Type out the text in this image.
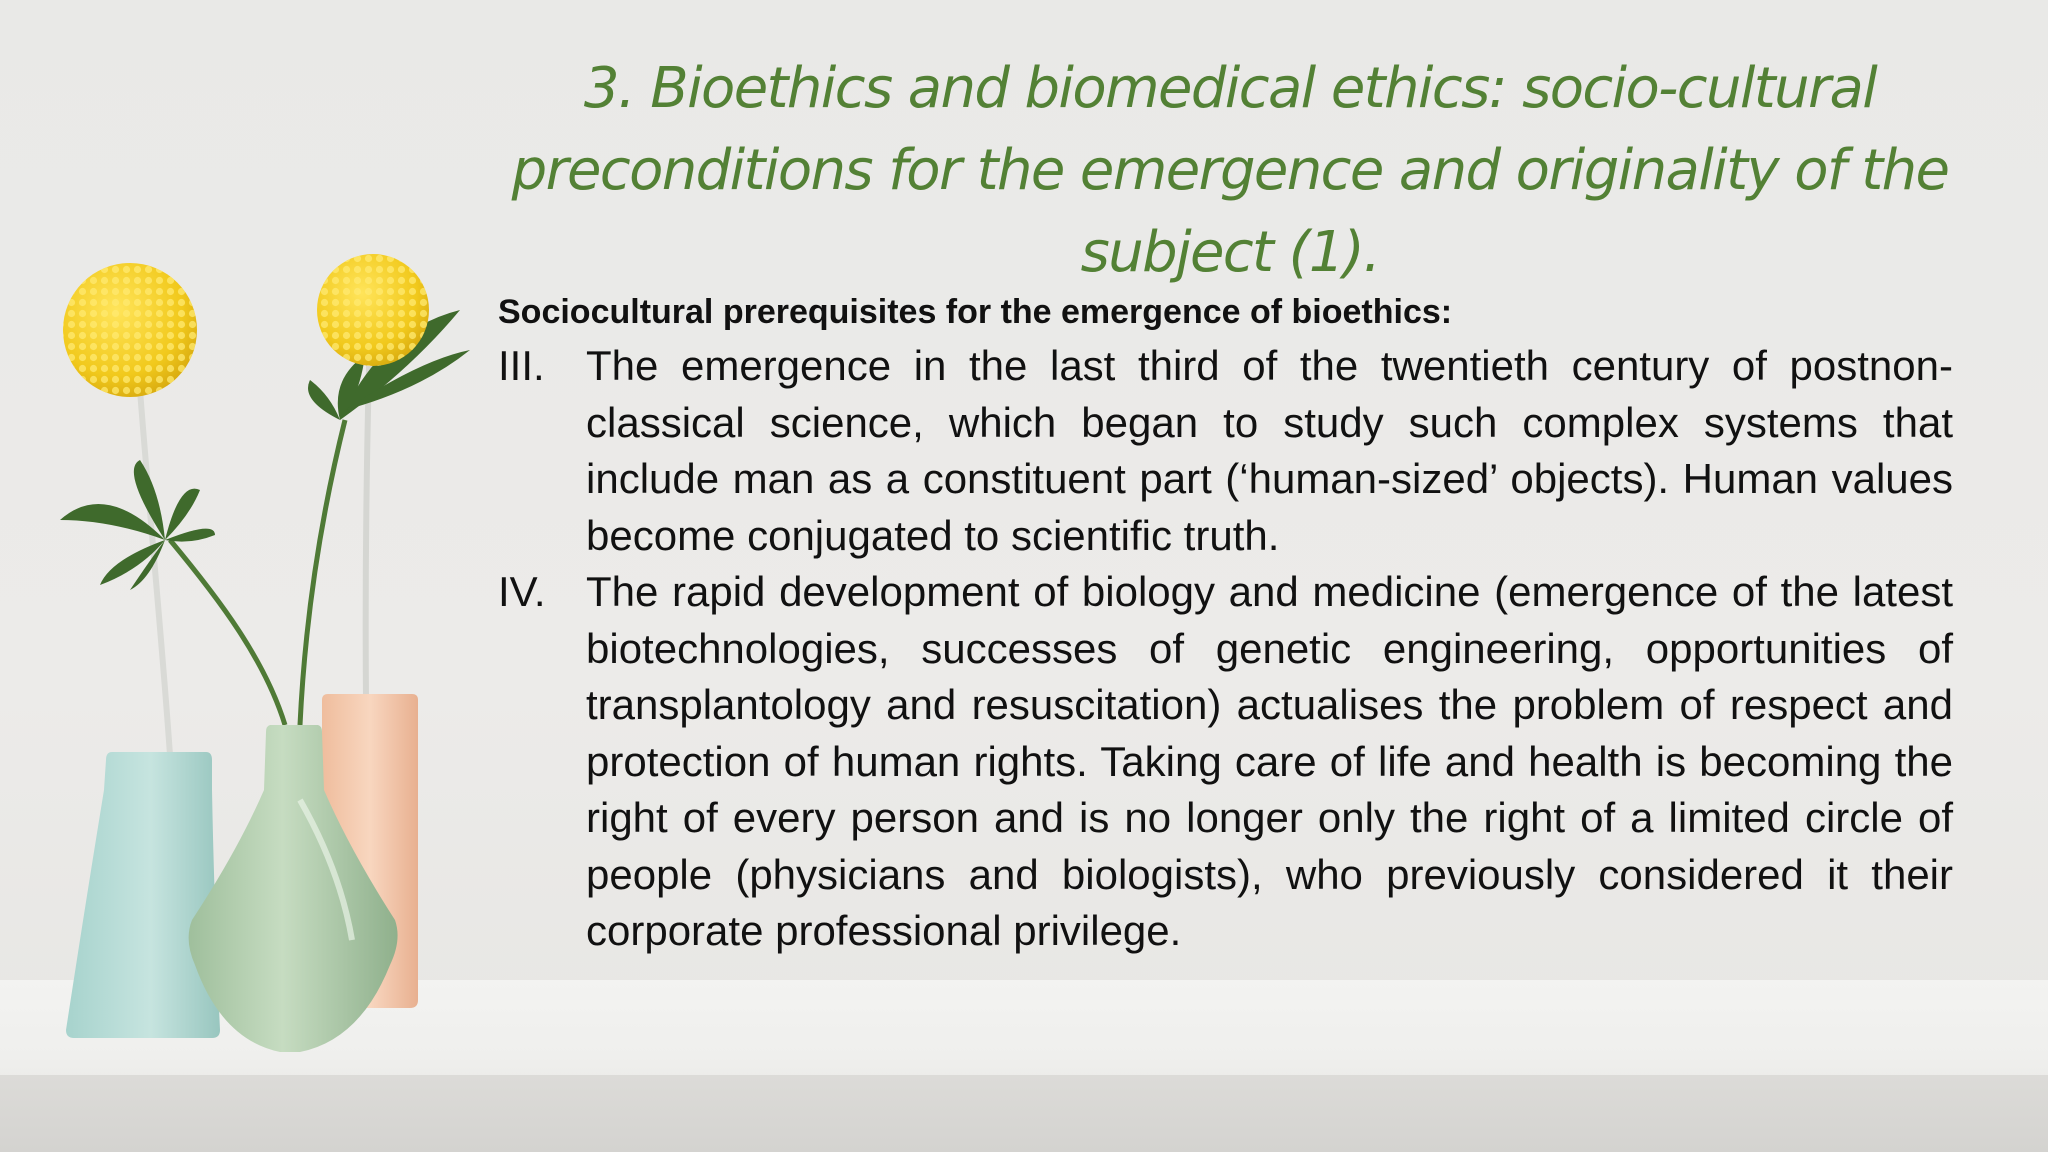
3. Bioethics and biomedical ethics: socio-cultural preconditions for the emergence and originality of the subject (1).

Sociocultural prerequisites for the emergence of bioethics:

III. The emergence in the last third of the twentieth century of postnon-classical science, which began to study such complex systems that include man as a constituent part (‘human-sized’ objects). Human values become conjugated to scientific truth.
IV. The rapid development of biology and medicine (emergence of the latest biotechnologies, successes of genetic engineering, opportunities of transplantology and resuscitation) actualises the problem of respect and protection of human rights. Taking care of life and health is becoming the right of every person and is no longer only the right of a limited circle of people (physicians and biologists), who previously considered it their corporate professional privilege.
